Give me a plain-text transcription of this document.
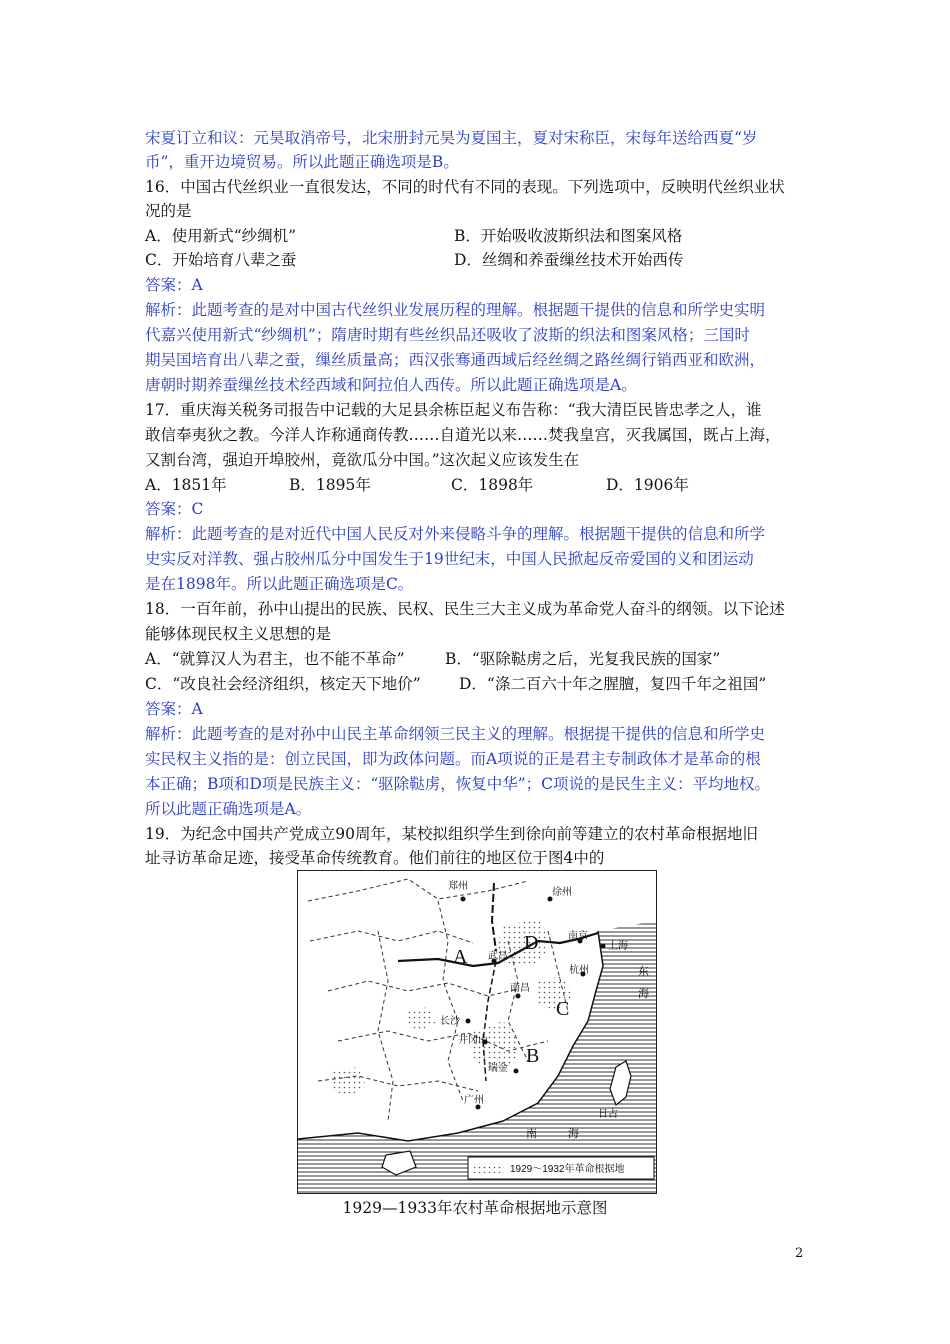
宋夏订立和议：元昊取消帝号，北宋册封元昊为夏国主，夏对宋称臣，宋每年送给西夏“岁
币”，重开边境贸易。所以此题正确选项是B。
16．中国古代丝织业一直很发达，不同的时代有不同的表现。下列选项中，反映明代丝织业状
况的是
A．使用新式“纱绸机”	B．开始吸收波斯织法和图案风格
C．开始培育八辈之蚕	D．丝绸和养蚕缫丝技术开始西传
答案：A
解析：此题考查的是对中国古代丝织业发展历程的理解。根据题干提供的信息和所学史实明
代嘉兴使用新式“纱绸机”；隋唐时期有些丝织品还吸收了波斯的织法和图案风格；三国时
期吴国培育出八辈之蚕，缫丝质量高；西汉张骞通西域后经丝绸之路丝绸行销西亚和欧洲，
唐朝时期养蚕缫丝技术经西域和阿拉伯人西传。所以此题正确选项是A。
17．重庆海关税务司报告中记载的大足县余栋臣起义布告称：“我大清臣民皆忠孝之人，谁
敢信奉夷狄之教。今洋人诈称通商传教……自道光以来……焚我皇宫，灭我属国，既占上海，
又割台湾，强迫开埠胶州，竟欲瓜分中国。”这次起义应该发生在
A．1851年	B．1895年	C．1898年	D．1906年
答案：C
解析：此题考查的是对近代中国人民反对外来侵略斗争的理解。根据题干提供的信息和所学
史实反对洋教、强占胶州瓜分中国发生于19世纪末，中国人民掀起反帝爱国的义和团运动
是在1898年。所以此题正确选项是C。
18．一百年前，孙中山提出的民族、民权、民生三大主义成为革命党人奋斗的纲领。以下论述
能够体现民权主义思想的是
A．“就算汉人为君主，也不能不革命”	B．“驱除鞑虏之后，光复我民族的国家”
C．“改良社会经济组织，核定天下地价” D．“涤二百六十年之腥膻，复四千年之祖国”
答案：A
解析：此题考查的是对孙中山民主革命纲领三民主义的理解。根据提干提供的信息和所学史
实民权主义指的是：创立民国，即为政体问题。而A项说的正是君主专制政体才是革命的根
本正确；B项和D项是民族主义：“驱除鞑虏，恢复中华”；C项说的是民生主义：平均地权。
所以此题正确选项是A。
19．为纪念中国共产党成立90周年，某校拟组织学生到徐向前等建立的农村革命根据地旧
址寻访革命足迹，接受革命传统教育。他们前往的地区位于图4中的
郑州
徐州
南京
上海
杭州
武昌
南昌
长沙
井冈山
瑞金
广州
日占
东
海
南	海
A
B
C
D
1929～1932年革命根据地
1929—1933年农村革命根据地示意图
2
